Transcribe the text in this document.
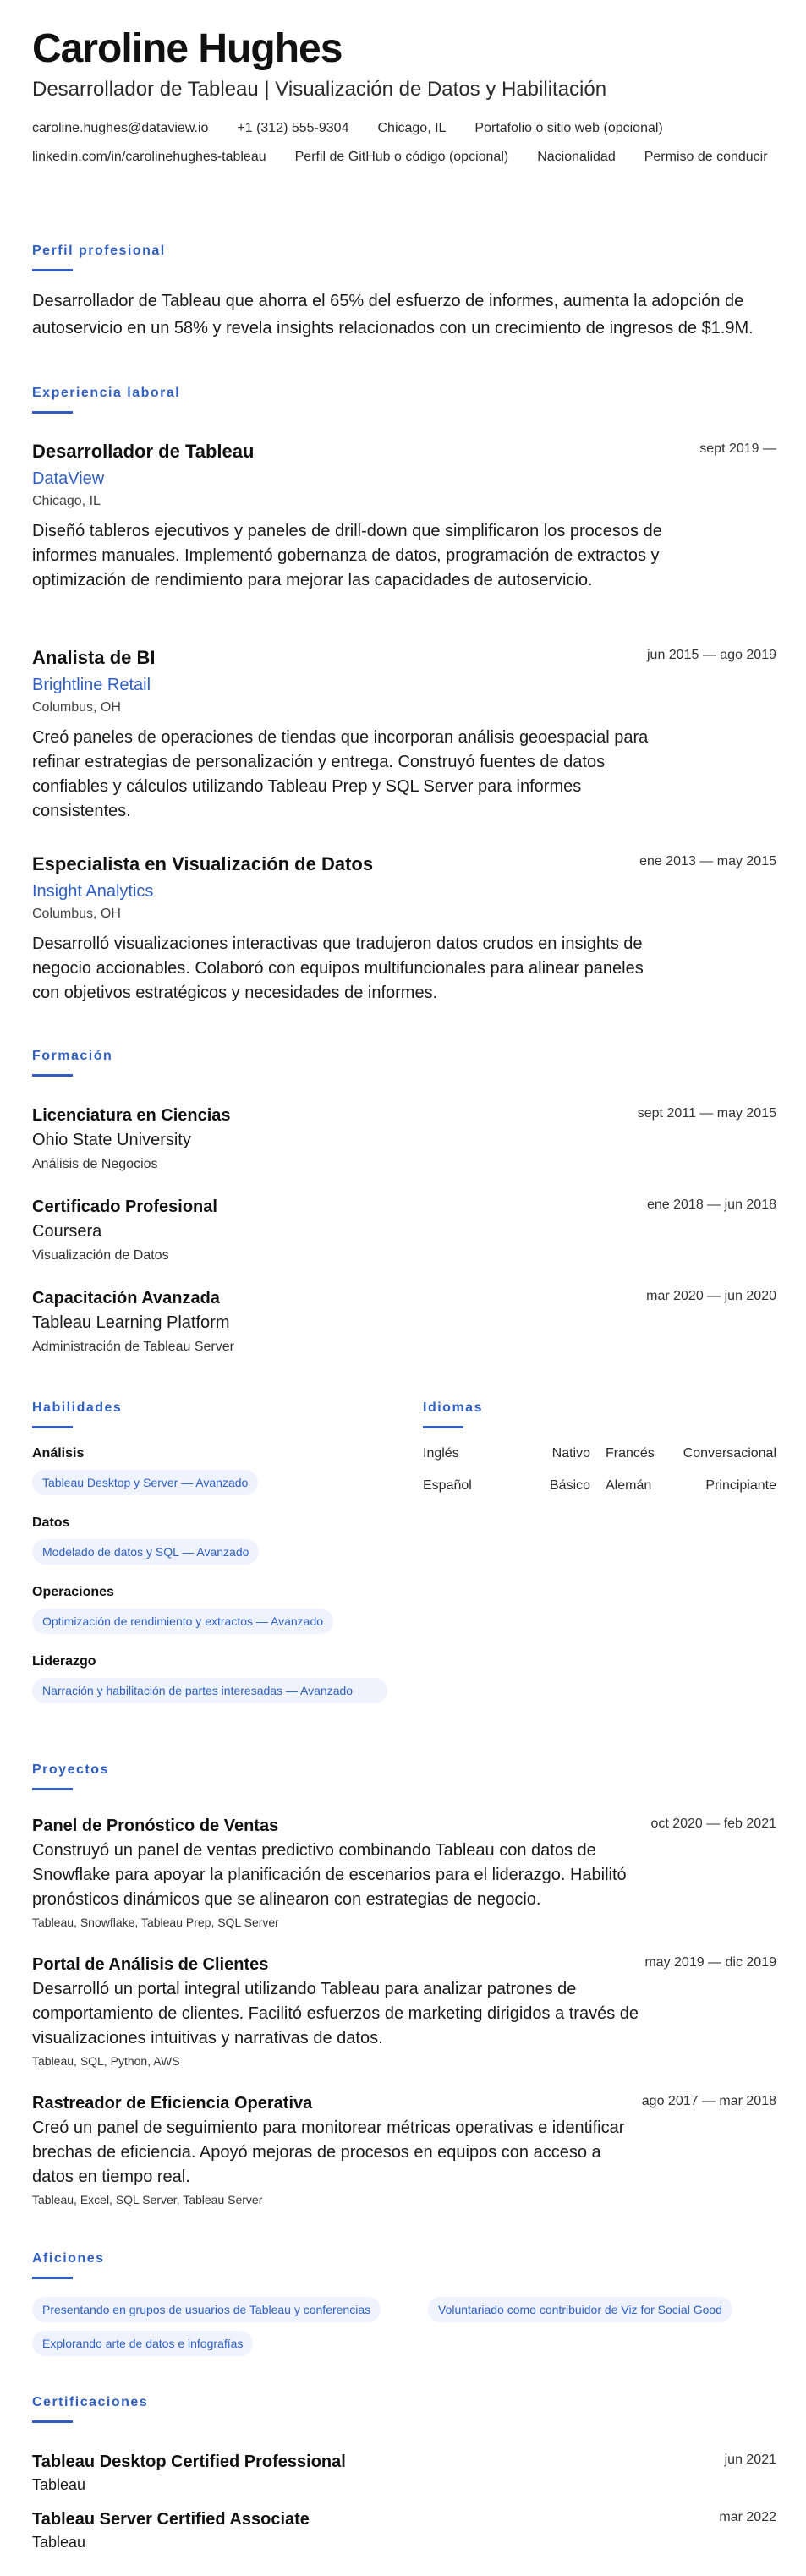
Caroline Hughes
Desarrollador de Tableau | Visualización de Datos y Habilitación
caroline.hughes@dataview.io +1 (312) 555-9304 Chicago, IL Portafolio o sitio web (opcional)
linkedin.com/in/carolinehughes-tableau Perfil de GitHub o código (opcional) Nacionalidad Permiso de conducir
Perfil profesional

Desarrollador de Tableau que ahorra el 65% del esfuerzo de informes, aumenta la adopción de autoservicio en un 58% y revela insights relacionados con un crecimiento de ingresos de $1.9M.

Experiencia laboral
Desarrollador de Tableau	sept 2019 —
DataView
Chicago, IL

Diseñó tableros ejecutivos y paneles de drill-down que simplificaron los procesos de informes manuales. Implementó gobernanza de datos, programación de extractos y optimización de rendimiento para mejorar las capacidades de autoservicio.

Analista de BI	jun 2015 — ago 2019
Brightline Retail
Columbus, OH

Creó paneles de operaciones de tiendas que incorporan análisis geoespacial para refinar estrategias de personalización y entrega. Construyó fuentes de datos confiables y cálculos utilizando Tableau Prep y SQL Server para informes consistentes.

Especialista en Visualización de Datos	ene 2013 — may 2015
Insight Analytics
Columbus, OH

Desarrolló visualizaciones interactivas que tradujeron datos crudos en insights de negocio accionables. Colaboró con equipos multifuncionales para alinear paneles con objetivos estratégicos y necesidades de informes.

Formación
Licenciatura en Ciencias	sept 2011 — may 2015
Ohio State University
Análisis de Negocios
Certificado Profesional	ene 2018 — jun 2018
Coursera
Visualización de Datos
Capacitación Avanzada	mar 2020 — jun 2020
Tableau Learning Platform
Administración de Tableau Server
Habilidades
Análisis
Tableau Desktop y Server — Avanzado
Datos
Modelado de datos y SQL — Avanzado
Operaciones
Optimización de rendimiento y extractos — Avanzado
Liderazgo
Narración y habilitación de partes interesadas — Avanzado
Idiomas
Inglés	Nativo Francés Conversacional
Español	Básico Alemán	Principiante
Proyectos
Panel de Pronóstico de Ventas	oct 2020 — feb 2021

Construyó un panel de ventas predictivo combinando Tableau con datos de Snowflake para apoyar la planificación de escenarios para el liderazgo. Habilitó pronósticos dinámicos que se alinearon con estrategias de negocio.

Tableau, Snowflake, Tableau Prep, SQL Server
Portal de Análisis de Clientes	may 2019 — dic 2019

Desarrolló un portal integral utilizando Tableau para analizar patrones de comportamiento de clientes. Facilitó esfuerzos de marketing dirigidos a través de visualizaciones intuitivas y narrativas de datos.

Tableau, SQL, Python, AWS
Rastreador de Eficiencia Operativa	ago 2017 — mar 2018

Creó un panel de seguimiento para monitorear métricas operativas e identificar brechas de eficiencia. Apoyó mejoras de procesos en equipos con acceso a datos en tiempo real.

Tableau, Excel, SQL Server, Tableau Server
Aficiones
Presentando en grupos de usuarios de Tableau y conferencias	Voluntariado como contribuidor de Viz for Social Good
Explorando arte de datos e infografías
Certificaciones
Tableau Desktop Certified Professional	jun 2021
Tableau
Tableau Server Certified Associate	mar 2022
Tableau
